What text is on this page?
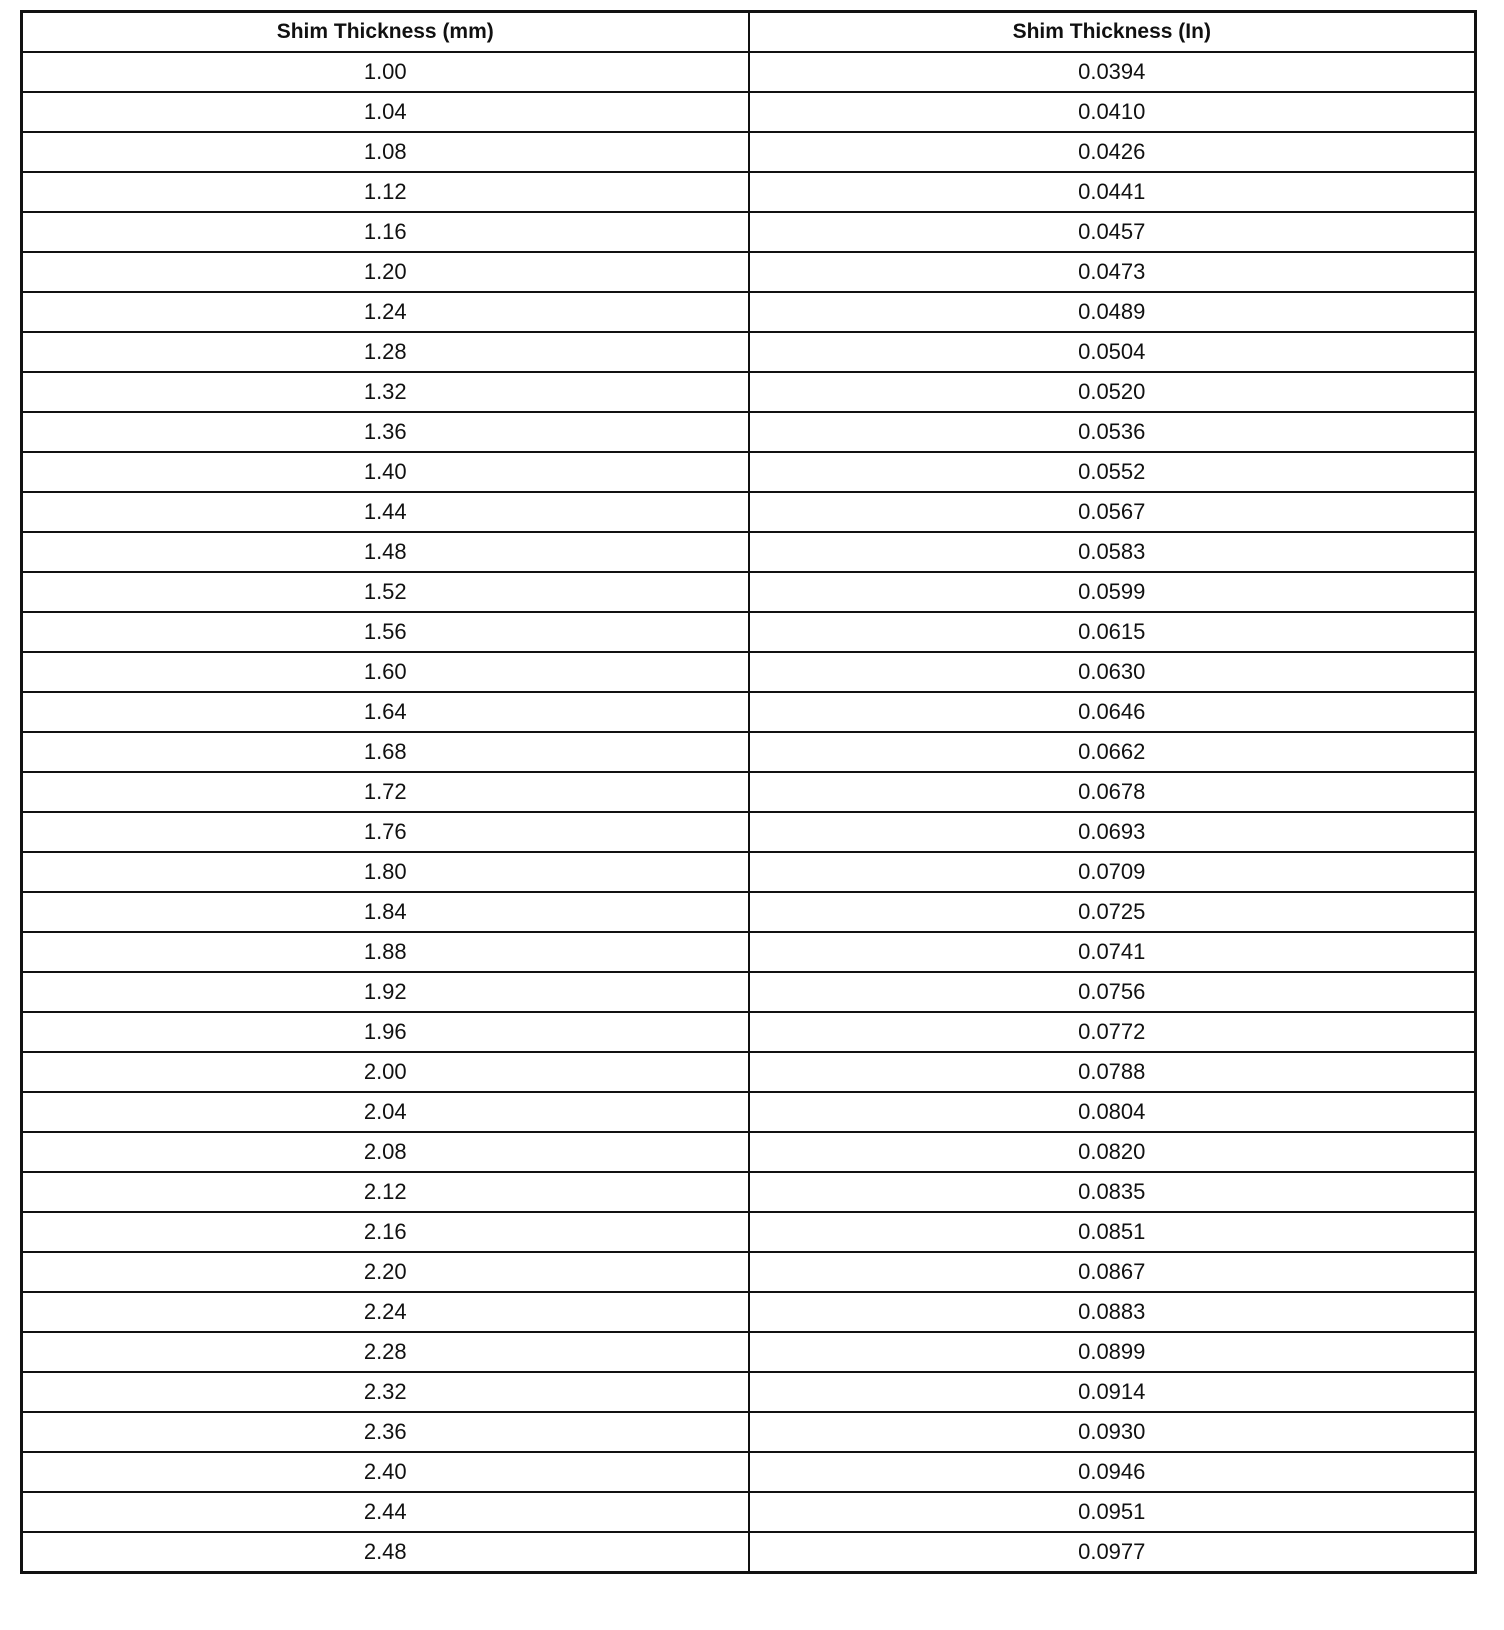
Shim Thickness (mm)	Shim Thickness (In)
1.00	0.0394
1.04	0.0410
1.08	0.0426
1.12	0.0441
1.16	0.0457
1.20	0.0473
1.24	0.0489
1.28	0.0504
1.32	0.0520
1.36	0.0536
1.40	0.0552
1.44	0.0567
1.48	0.0583
1.52	0.0599
1.56	0.0615
1.60	0.0630
1.64	0.0646
1.68	0.0662
1.72	0.0678
1.76	0.0693
1.80	0.0709
1.84	0.0725
1.88	0.0741
1.92	0.0756
1.96	0.0772
2.00	0.0788
2.04	0.0804
2.08	0.0820
2.12	0.0835
2.16	0.0851
2.20	0.0867
2.24	0.0883
2.28	0.0899
2.32	0.0914
2.36	0.0930
2.40	0.0946
2.44	0.0951
2.48	0.0977
